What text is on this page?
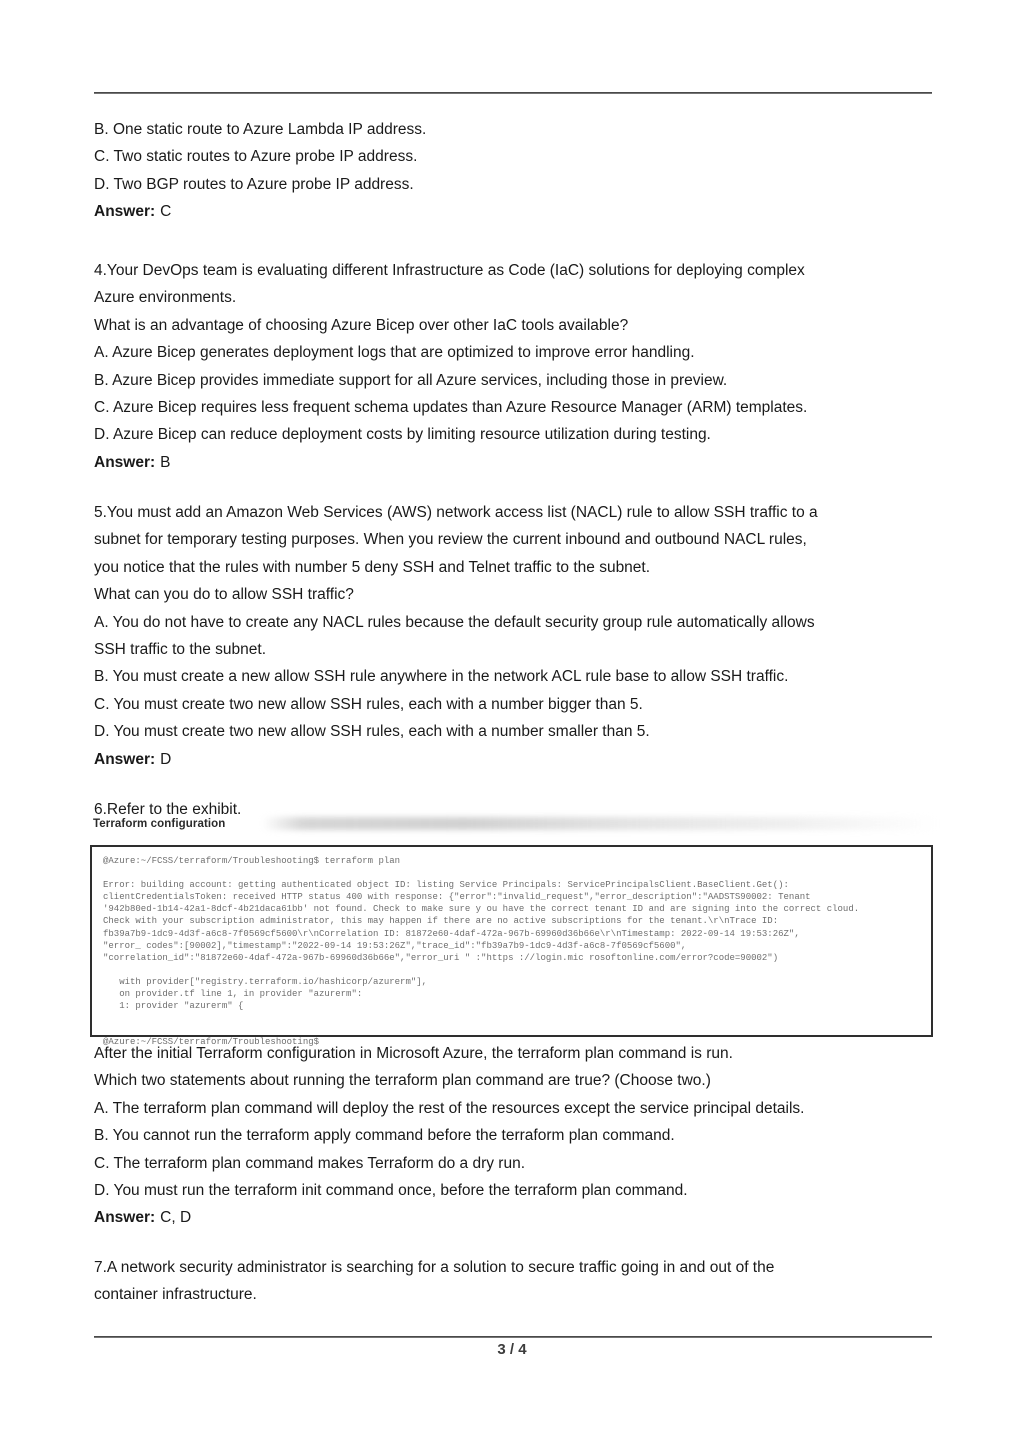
B. One static route to Azure Lambda IP address.
C. Two static routes to Azure probe IP address.
D. Two BGP routes to Azure probe IP address.
Answer: C
4.Your DevOps team is evaluating different Infrastructure as Code (IaC) solutions for deploying complex
Azure environments.
What is an advantage of choosing Azure Bicep over other IaC tools available?
A. Azure Bicep generates deployment logs that are optimized to improve error handling.
B. Azure Bicep provides immediate support for all Azure services, including those in preview.
C. Azure Bicep requires less frequent schema updates than Azure Resource Manager (ARM) templates.
D. Azure Bicep can reduce deployment costs by limiting resource utilization during testing.
Answer: B
5.You must add an Amazon Web Services (AWS) network access list (NACL) rule to allow SSH traffic to a
subnet for temporary testing purposes. When you review the current inbound and outbound NACL rules,
you notice that the rules with number 5 deny SSH and Telnet traffic to the subnet.
What can you do to allow SSH traffic?
A. You do not have to create any NACL rules because the default security group rule automatically allows
SSH traffic to the subnet.
B. You must create a new allow SSH rule anywhere in the network ACL rule base to allow SSH traffic.
C. You must create two new allow SSH rules, each with a number bigger than 5.
D. You must create two new allow SSH rules, each with a number smaller than 5.
Answer: D
6.Refer to the exhibit.
Terraform configuration
@Azure:~/FCSS/terraform/Troubleshooting$ terraform plan

Error: building account: getting authenticated object ID: listing Service Principals: ServicePrincipalsClient.BaseClient.Get():
clientCredentialsToken: received HTTP status 400 with response: {"error":"invalid_request","error_description":"AADSTS90002: Tenant
'942b80ed-1b14-42a1-8dcf-4b21daca61bb' not found. Check to make sure y ou have the correct tenant ID and are signing into the correct cloud.
Check with your subscription administrator, this may happen if there are no active subscriptions for the tenant.\r\nTrace ID:
fb39a7b9-1dc9-4d3f-a6c8-7f0569cf5600\r\nCorrelation ID: 81872e60-4daf-472a-967b-69960d36b66e\r\nTimestamp: 2022-09-14 19:53:26Z",
"error_ codes":[90002],"timestamp":"2022-09-14 19:53:26Z","trace_id":"fb39a7b9-1dc9-4d3f-a6c8-7f0569cf5600",
"correlation_id":"81872e60-4daf-472a-967b-69960d36b66e","error_uri " :"https ://login.mic rosoftonline.com/error?code=90002")

with provider["registry.terraform.io/hashicorp/azurerm"],
on provider.tf line 1, in provider "azurerm":
1: provider "azurerm" {

@Azure:~/FCSS/terraform/Troubleshooting$
After the initial Terraform configuration in Microsoft Azure, the terraform plan command is run.
Which two statements about running the terraform plan command are true? (Choose two.)
A. The terraform plan command will deploy the rest of the resources except the service principal details.
B. You cannot run the terraform apply command before the terraform plan command.
C. The terraform plan command makes Terraform do a dry run.
D. You must run the terraform init command once, before the terraform plan command.
Answer: C, D
7.A network security administrator is searching for a solution to secure traffic going in and out of the
container infrastructure.
3 / 4
